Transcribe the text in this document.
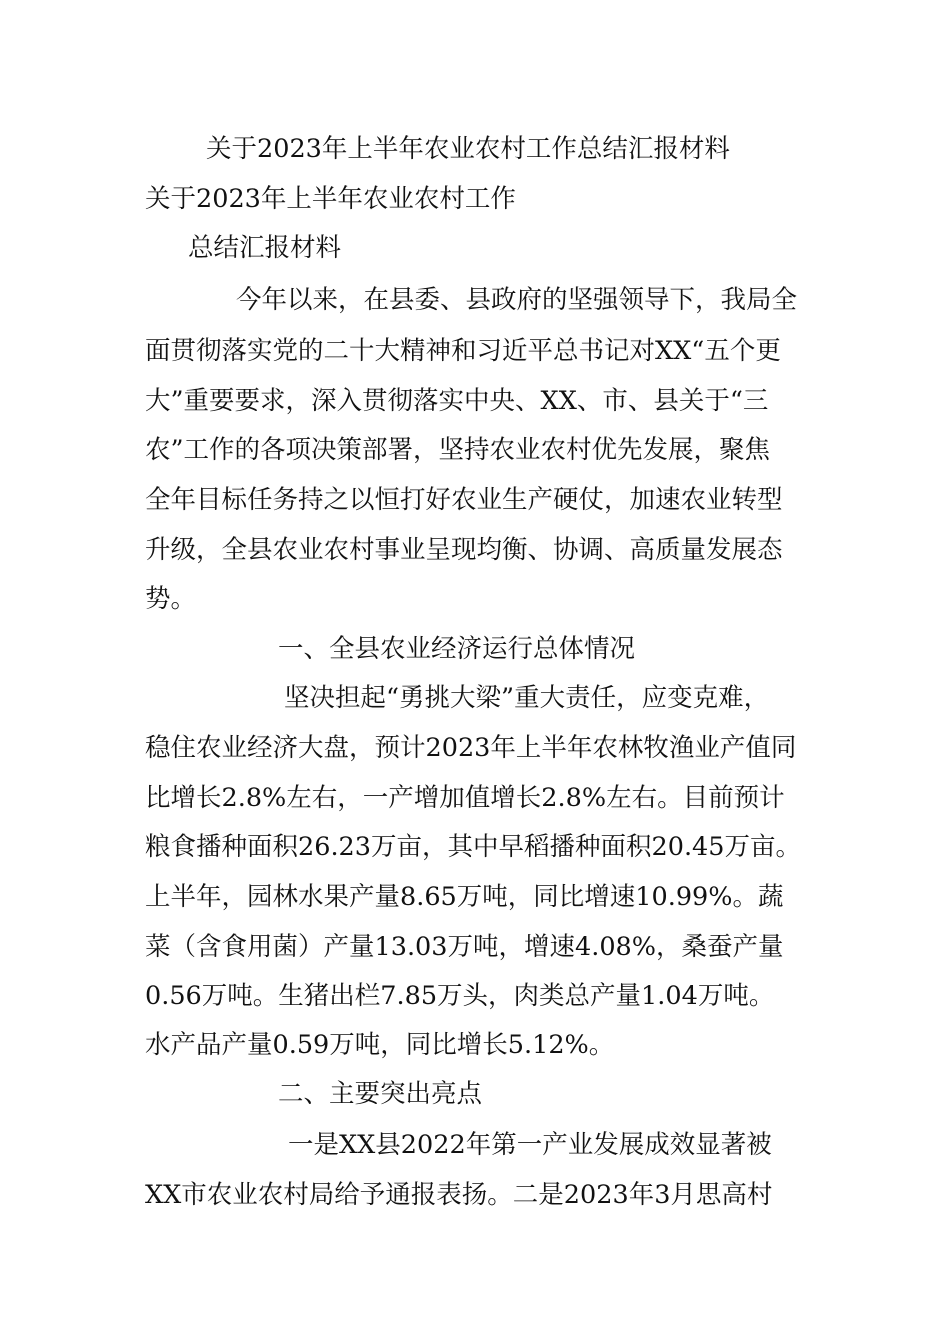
关于2023年上半年农业农村工作总结汇报材料
关于2023年上半年农业农村工作
总结汇报材料
今年以来，在县委、县政府的坚强领导下，我局全
面贯彻落实党的二十大精神和习近平总书记对XX“五个更
大”重要要求，深入贯彻落实中央、XX、市、县关于“三
农”工作的各项决策部署，坚持农业农村优先发展，聚焦
全年目标任务持之以恒打好农业生产硬仗，加速农业转型
升级，全县农业农村事业呈现均衡、协调、高质量发展态
势。
一、全县农业经济运行总体情况
坚决担起“勇挑大梁”重大责任，应变克难，
稳住农业经济大盘，预计2023年上半年农林牧渔业产值同
比增长2.8%左右，一产增加值增长2.8%左右。目前预计
粮食播种面积26.23万亩，其中早稻播种面积20.45万亩。
上半年，园林水果产量8.65万吨，同比增速10.99%。蔬
菜（含食用菌）产量13.03万吨，增速4.08%，桑蚕产量
0.56万吨。生猪出栏7.85万头，肉类总产量1.04万吨。
水产品产量0.59万吨，同比增长5.12%。
二、主要突出亮点
一是XX县2022年第一产业发展成效显著被
XX市农业农村局给予通报表扬。二是2023年3月思高村
